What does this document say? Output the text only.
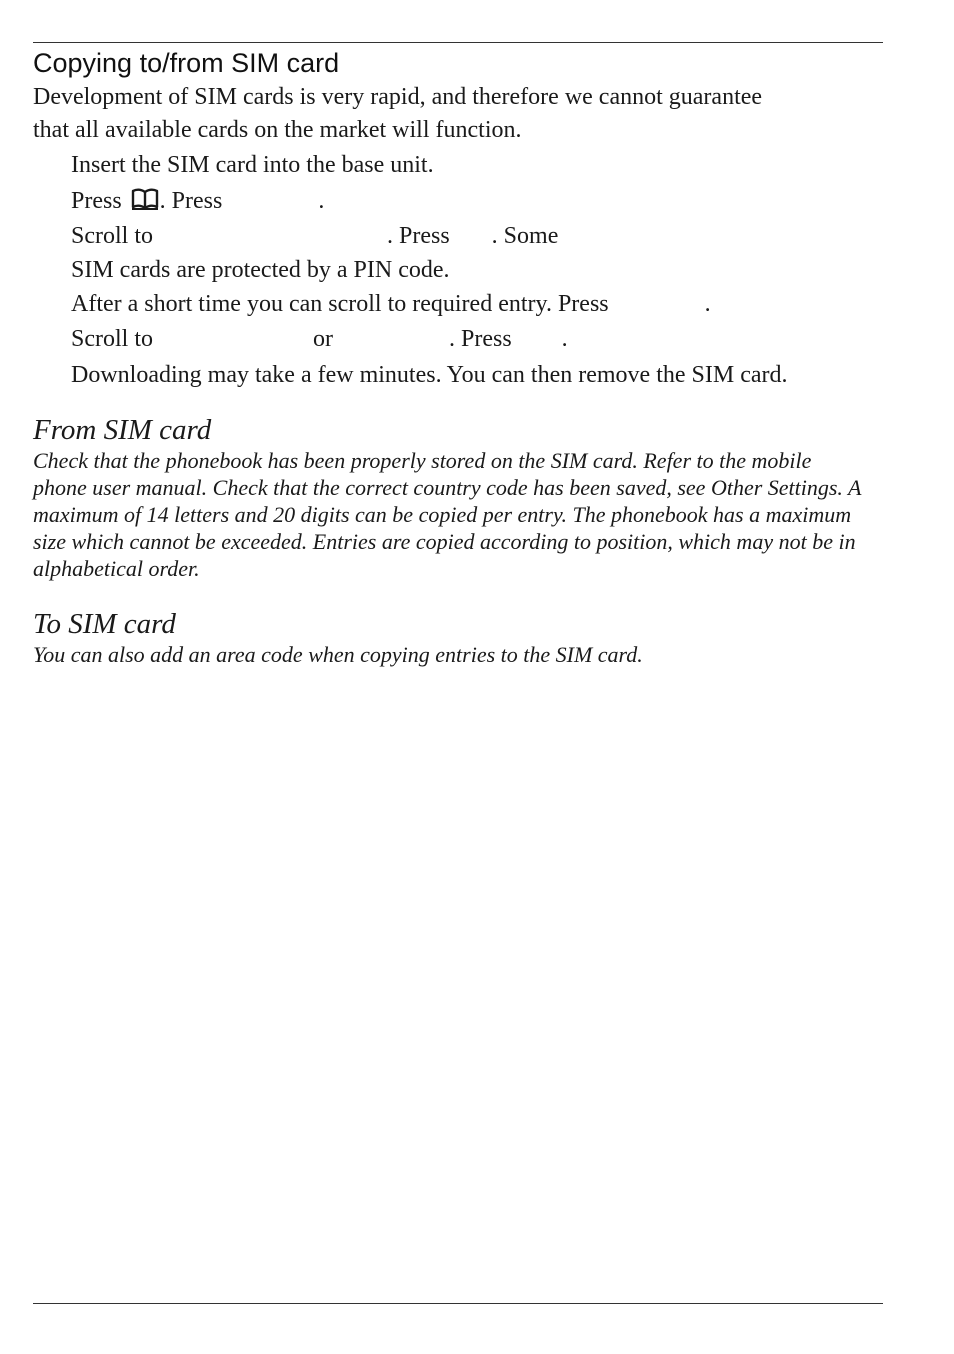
Copying to/from SIM card
Development of SIM cards is very rapid, and therefore we cannot guarantee
that all available cards on the market will function.
Insert the SIM card into the base unit.
Press . Press	.
Scroll to	. Press . Some
SIM cards are protected by a PIN code.
After a short time you can scroll to required entry. Press	.
Scroll to	or	. Press .
Downloading may take a few minutes. You can then remove the SIM card.
From SIM card
Check that the phonebook has been properly stored on the SIM card. Refer to the mobile
phone user manual. Check that the correct country code has been saved, see Other Settings. A
maximum of 14 letters and 20 digits can be copied per entry. The phonebook has a maximum
size which cannot be exceeded. Entries are copied according to position, which may not be in
alphabetical order.
To SIM card
You can also add an area code when copying entries to the SIM card.
